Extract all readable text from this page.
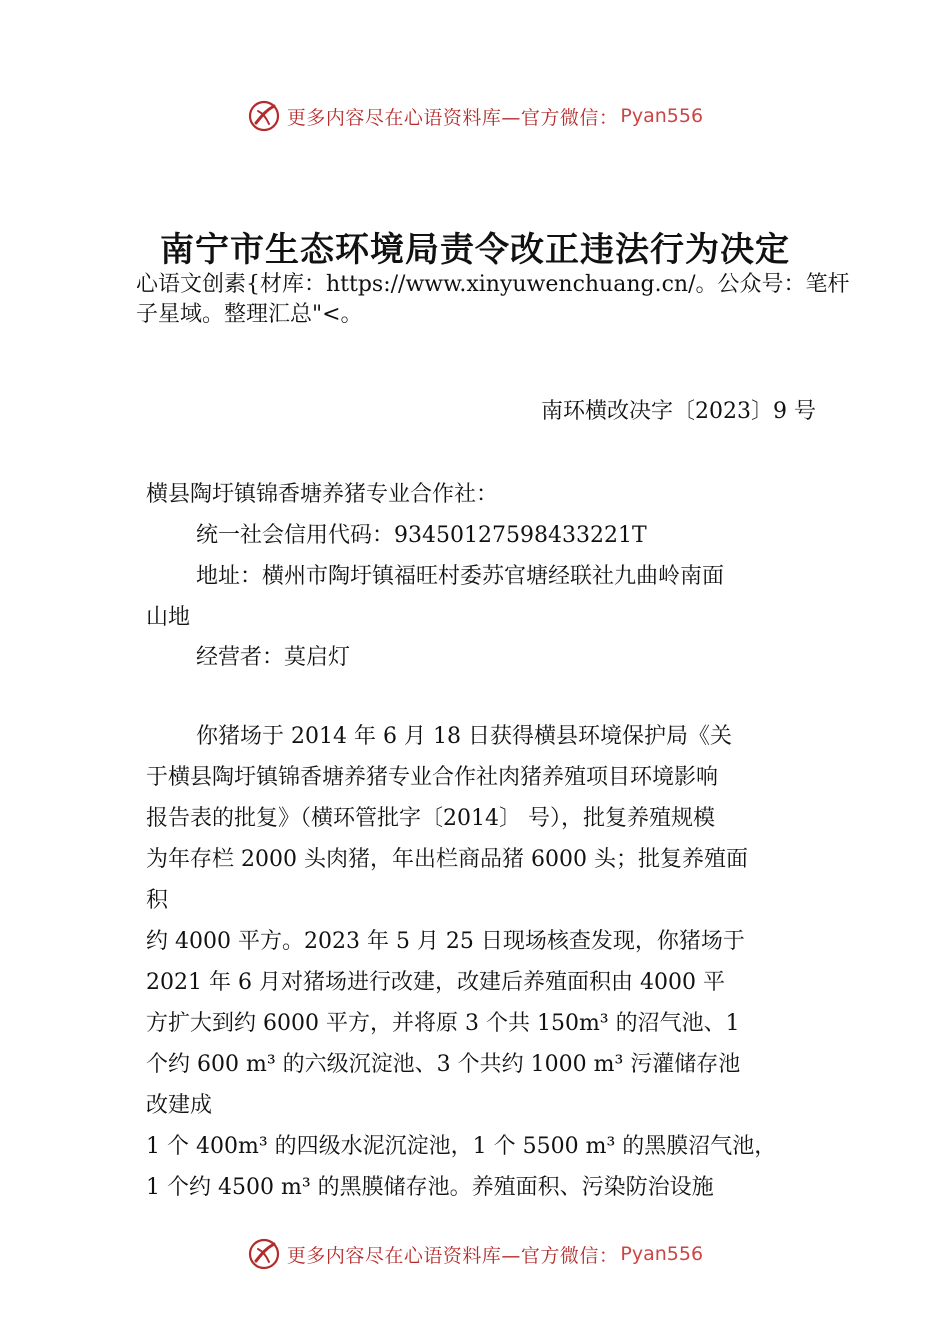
更多内容尽在心语资料库—官方微信： Pyan556
南宁市生态环境局责令改正违法行为决定

心语文创素{材库：https://www.xinyuwenchuang.cn/。公众号：笔杆子星域。整理汇总"<。

南环横改决字〔2023〕9 号

横县陶圩镇锦香塘养猪专业合作社：

统一社会信用代码：93450127598433221T

地址：横州市陶圩镇福旺村委苏官塘经联社九曲岭南面
山地

经营者：莫启灯

你猪场于 2014 年 6 月 18 日获得横县环境保护局《关
于横县陶圩镇锦香塘养猪专业合作社肉猪养殖项目环境影响
报告表的批复》（横环管批字〔2014〕 号），批复养殖规模
为年存栏 2000 头肉猪，年出栏商品猪 6000 头；批复养殖面
积
约 4000 平方。2023 年 5 月 25 日现场核查发现，你猪场于
2021 年 6 月对猪场进行改建，改建后养殖面积由 4000 平
方扩大到约 6000 平方，并将原 3 个共 150m³ 的沼气池、1
个约 600 m³ 的六级沉淀池、3 个共约 1000 m³ 污灌储存池
改建成
1 个 400m³ 的四级水泥沉淀池，1 个 5500 m³ 的黑膜沼气池，
1 个约 4500 m³ 的黑膜储存池。养殖面积、污染防治设施

更多内容尽在心语资料库—官方微信： Pyan556
